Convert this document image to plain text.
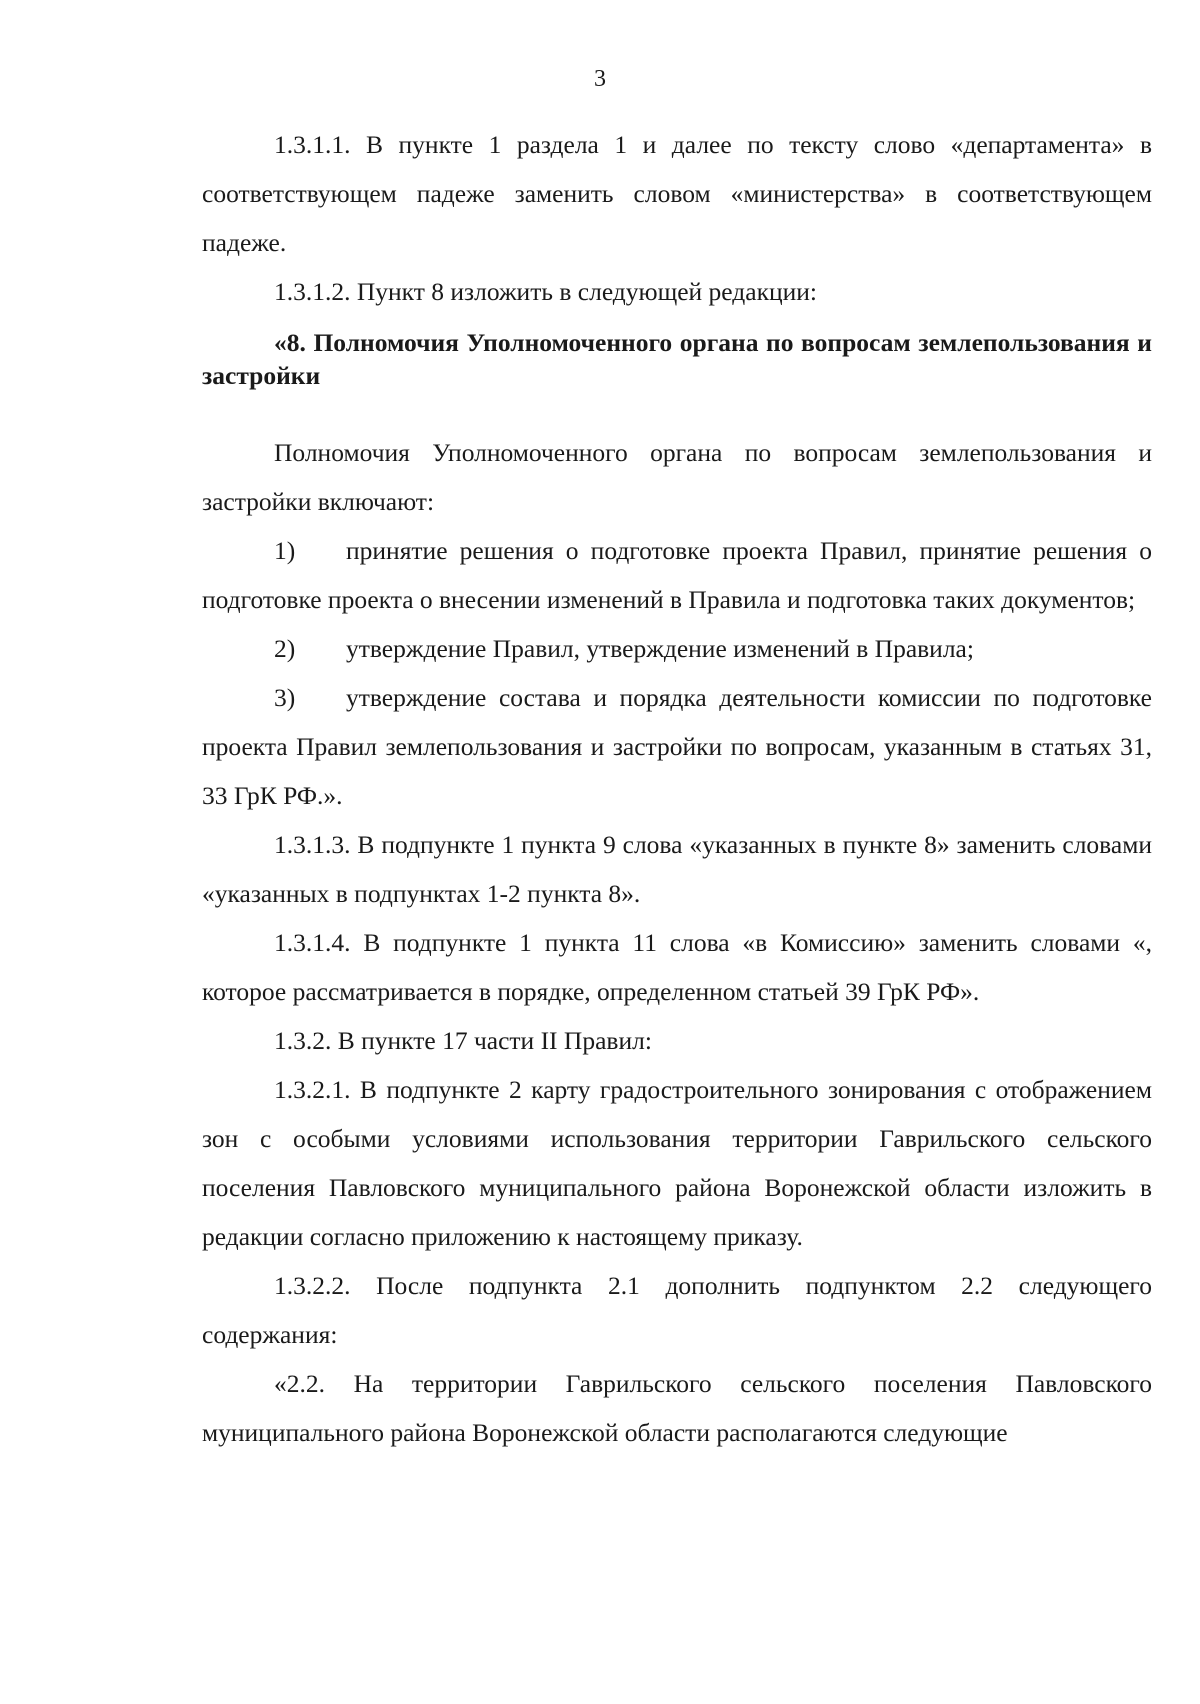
3

1.3.1.1. В пункте 1 раздела 1 и далее по тексту слово «департамента» в соответствующем падеже заменить словом «министерства» в соответствующем падеже.

1.3.1.2. Пункт 8 изложить в следующей редакции:

«8. Полномочия Уполномоченного органа по вопросам землепользования и застройки

Полномочия Уполномоченного органа по вопросам землепользования и застройки включают:

1) принятие решения о подготовке проекта Правил, принятие решения о подготовке проекта о внесении изменений в Правила и подготовка таких документов;

2) утверждение Правил, утверждение изменений в Правила;

3) утверждение состава и порядка деятельности комиссии по подготовке проекта Правил землепользования и застройки по вопросам, указанным в статьях 31, 33 ГрК РФ.».

1.3.1.3. В подпункте 1 пункта 9 слова «указанных в пункте 8» заменить словами «указанных в подпунктах 1-2 пункта 8».

1.3.1.4. В подпункте 1 пункта 11 слова «в Комиссию» заменить словами «, которое рассматривается в порядке, определенном статьей 39 ГрК РФ».

1.3.2. В пункте 17 части II Правил:

1.3.2.1. В подпункте 2 карту градостроительного зонирования с отображением зон с особыми условиями использования территории Гаврильского сельского поселения Павловского муниципального района Воронежской области изложить в редакции согласно приложению к настоящему приказу.

1.3.2.2. После подпункта 2.1 дополнить подпунктом 2.2 следующего содержания:

«2.2. На территории Гаврильского сельского поселения Павловского муниципального района Воронежской области располагаются следующие
